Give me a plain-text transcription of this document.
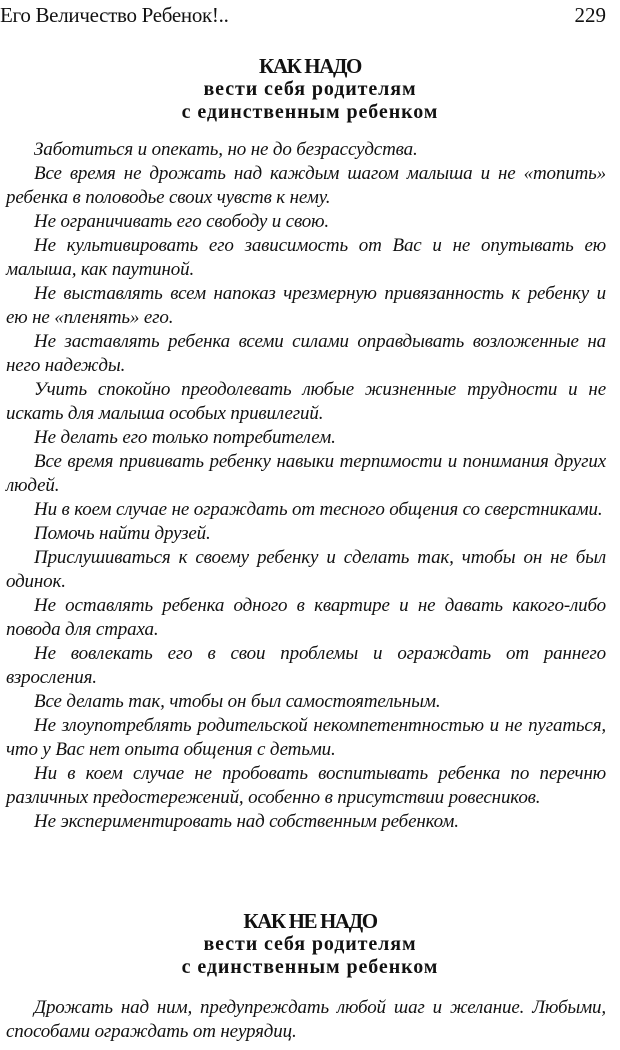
Его Величество Ребенок!..	229
КАК НАДО
вести себя родителям
с единственным ребенком

Заботиться и опекать, но не до безрассудства.

Все время не дрожать над каждым шагом малыша и не «топить» ребенка в половодье своих чувств к нему.

Не ограничивать его свободу и свою.

Не культивировать его зависимость от Вас и не опутывать ею малыша, как паутиной.

Не выставлять всем напоказ чрезмерную привязанность к ребенку и ею не «пленять» его.

Не заставлять ребенка всеми силами оправдывать возложенные на него надежды.

Учить спокойно преодолевать любые жизненные трудности и не искать для малыша особых привилегий.

Не делать его только потребителем.

Все время прививать ребенку навыки терпимости и понимания других людей.

Ни в коем случае не ограждать от тесного общения со сверстниками.

Помочь найти друзей.

Прислушиваться к своему ребенку и сделать так, чтобы он не был одинок.

Не оставлять ребенка одного в квартире и не давать какого-либо повода для страха.

Не вовлекать его в свои проблемы и ограждать от раннего взросления.

Все делать так, чтобы он был самостоятельным.

Не злоупотреблять родительской некомпетентностью и не пугаться, что у Вас нет опыта общения с детьми.

Ни в коем случае не пробовать воспитывать ребенка по перечню различных предостережений, особенно в присутствии ровесников.

Не экспериментировать над собственным ребенком.

КАК НЕ НАДО
вести себя родителям
с единственным ребенком

Дрожать над ним, предупреждать любой шаг и желание. Любыми, способами ограждать от неурядиц.
